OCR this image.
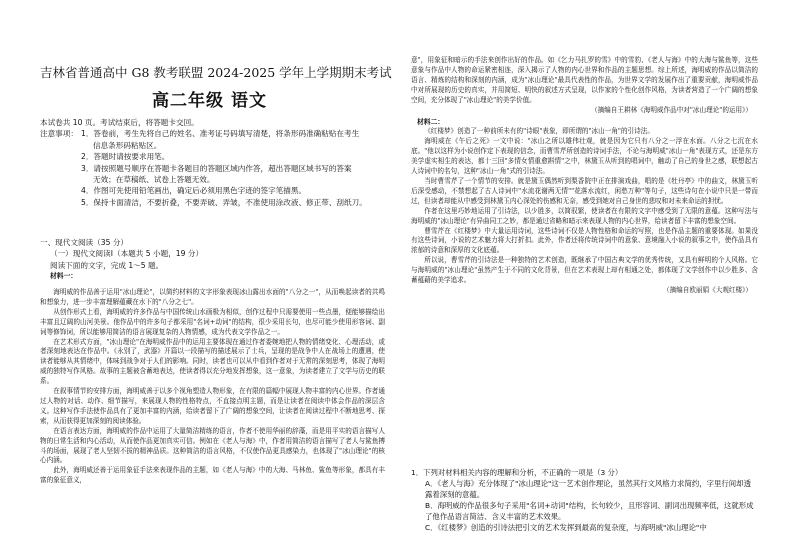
吉林省普通高中 G8 教考联盟 2024-2025 学年上学期期末考试
高二年级 语文
本试卷共 10 页。考试结束后，将答题卡交回。
注意事项： 1．答卷前，考生先将自己的姓名、准考证号码填写清楚，将条形码准确粘贴在考生
信息条形码粘贴区。
2．答题时请按要求用笔。
3．请按照题号顺序在答题卡各题目的答题区域内作答，超出答题区域书写的答案
无效；在草稿纸、试卷上答题无效。
4．作图可先使用铅笔画出，确定后必须用黑色字迹的签字笔描黑。
5．保持卡面清洁，不要折叠，不要弄破、弄皱，不准使用涂改液、修正带、刮纸刀。
一、现代文阅读（35 分）
（一）现代文阅读Ⅰ（本题共 5 小题，19 分）
阅读下面的文字，完成 1～5 题。
材料一：

海明威的作品善于运用"冰山理论"，以简约材料的文字形象表现冰山露出水面的"八分之一"，从而唤起读者的共鸣和想象力，进一步丰富理解蕴藏在水下的"八分之七"。

从创作形式上看，海明威的许多作品与中国传统山水画极为相似，创作过程中只需要使用一些点墨，便能够描绘出丰富且辽阔的山河美景。他作品中的许多句子都采用"名词+动词"的结构，很少采用长句，也尽可能少使用形容词、副词等修饰词，所以能够用简洁的语言展现复杂的人物情感，成为代表文学作品之一。

在艺术形式方面，"冰山理论"在海明威作品中的运用主要体现在通过作者委婉地把人物的情绪变化、心理活动，或者深刻地表达在作品中。《永别了，武器》开篇以一段描写的描述展示了士兵，呈现的是战争中人在战场上的遭遇，使读者能够从其情绪中，体味到战争对于人们的影响。同时，读者也可以从中看到作者对于无常的深刻思考，体现了海明威的独特写作风格。故事的主题被含蓄地表达，使读者得以充分地发挥想象，这一意象，为读者建立了文学与历史的联系。

在叙事情节的安排方面，海明威善于以多个视角塑造人物形象，在有限的篇幅中展现人物丰富的内心世界。作者通过人物的对话、动作、细节描写，来展现人物的性格特点，不直接点明主题，而是让读者在阅读中体会作品的深层含义。这种写作手法使作品具有了更加丰富的内涵，给读者留下了广阔的想象空间，让读者在阅读过程中不断地思考、探索，从而获得更加深刻的阅读体验。

在语言表达方面，海明威的作品中运用了大量简洁精练的语言，作者不使用华丽的辞藻，而是用平实的语言描写人物的日常生活和内心活动，从而使作品更加真实可信。例如在《老人与海》中，作者用简洁的语言描写了老人与鲨鱼搏斗的场面，展现了老人坚韧不拔的精神品质。这种简洁的语言风格，不仅使作品更具感染力，也体现了"冰山理论"的核心内涵。

此外，海明威还善于运用象征手法来表现作品的主题，如《老人与海》中的大海、马林鱼、鲨鱼等形象，都具有丰富的象征意义，

意"，用象征和暗示的手法来创作出好的作品。如《乞力马扎罗的雪》中的雪豹、《老人与海》中的大海与鲨鱼等，这些意象与作品中人物的命运紧密相连，深入揭示了人物的内心世界和作品的主题思想。综上所述，海明威的作品以简洁的语言、精炼的结构和深刻的内涵，成为"冰山理论"最具代表性的作品，为世界文学的发展作出了重要贡献，海明威作品中对所展现的历史的真实，并用简短、明快的叙述方式呈现，以作家的个性化创作风格，为读者营造了一个广阔的想象空间，充分体现了"冰山理论"的美学价值。

（摘编自王耕林《海明威作品中对"冰山理论"的运用》）
材料二：

《红楼梦》创造了一种前所未有的"诗眼"表象，即所谓的"冰山一角"的引诗法。

海明威在《午后之死》一文中说："冰山之所以雄伟壮观，就是因为它只有八分之一浮在水面。八分之七沉在水底。"他以这样为小说创作定下表现的信念，而曹雪芹所创造的诗词手法，不论与海明威"冰山一角"表现方式，还是东方美学虚实相生的表达，都十三回"多情女情重愈斟情"之中，林黛玉从听到的唱词中，触动了自己的身世之感，联想起古人诗词中的名句，这种"冰山一角"式的引诗法。

当时曹雪芹了一个情节的安排。就是黛玉偶然听到梨香院中正在排演戏曲，唱的是《牡丹亭》中的曲文，林黛玉听后深受感动，不禁想起了古人诗词中"水流花谢两无情""花落水流红，闲愁万种"等句子，这些诗句在小说中只是一带而过，但读者却能从中感受到林黛玉内心深处的伤感和无奈，感受到她对自己身世的悲叹和对未来命运的担忧。

作者在这里巧妙地运用了引诗法，以少胜多，以简驭繁，使读者在有限的文字中感受到了无限的意蕴。这种写法与海明威的"冰山理论"有异曲同工之妙，都是通过省略和暗示来表现人物的内心世界，给读者留下丰富的想象空间。

曹雪芹在《红楼梦》中大量运用诗词，这些诗词不仅是人物性格和命运的写照，也是作品主题的重要体现。如果没有这些诗词，小说的艺术魅力将大打折扣。此外，作者还将传统诗词中的意象、意境融入小说的叙事之中，使作品具有浓郁的诗意和深厚的文化底蕴。

所以说，曹雪芹的引诗法是一种独特的艺术创造，既继承了中国古典文学的优秀传统，又具有鲜明的个人风格。它与海明威的"冰山理论"虽然产生于不同的文化背景，但在艺术表现上却有相通之处，都体现了文学创作中以少胜多、含蓄蕴藉的美学追求。

（摘编自欧丽娟《大观红楼》）
1．下列对材料相关内容的理解和分析，不正确的一项是（3 分）
A．《老人与海》充分体现了"冰山理论"这一艺术创作理论，虽然其行文风格力求简约，字里行间却透露着深刻的意蕴。
B．海明威的作品很多句子采用"名词+动词"结构，长句较少，且形容词、副词出现频率低，这就形成了他作品语言简洁、含义丰富的艺术效果。
C．《红楼梦》创造的引诗法把引文的艺术发挥到最高的复杂度，与海明威"冰山理论"中
